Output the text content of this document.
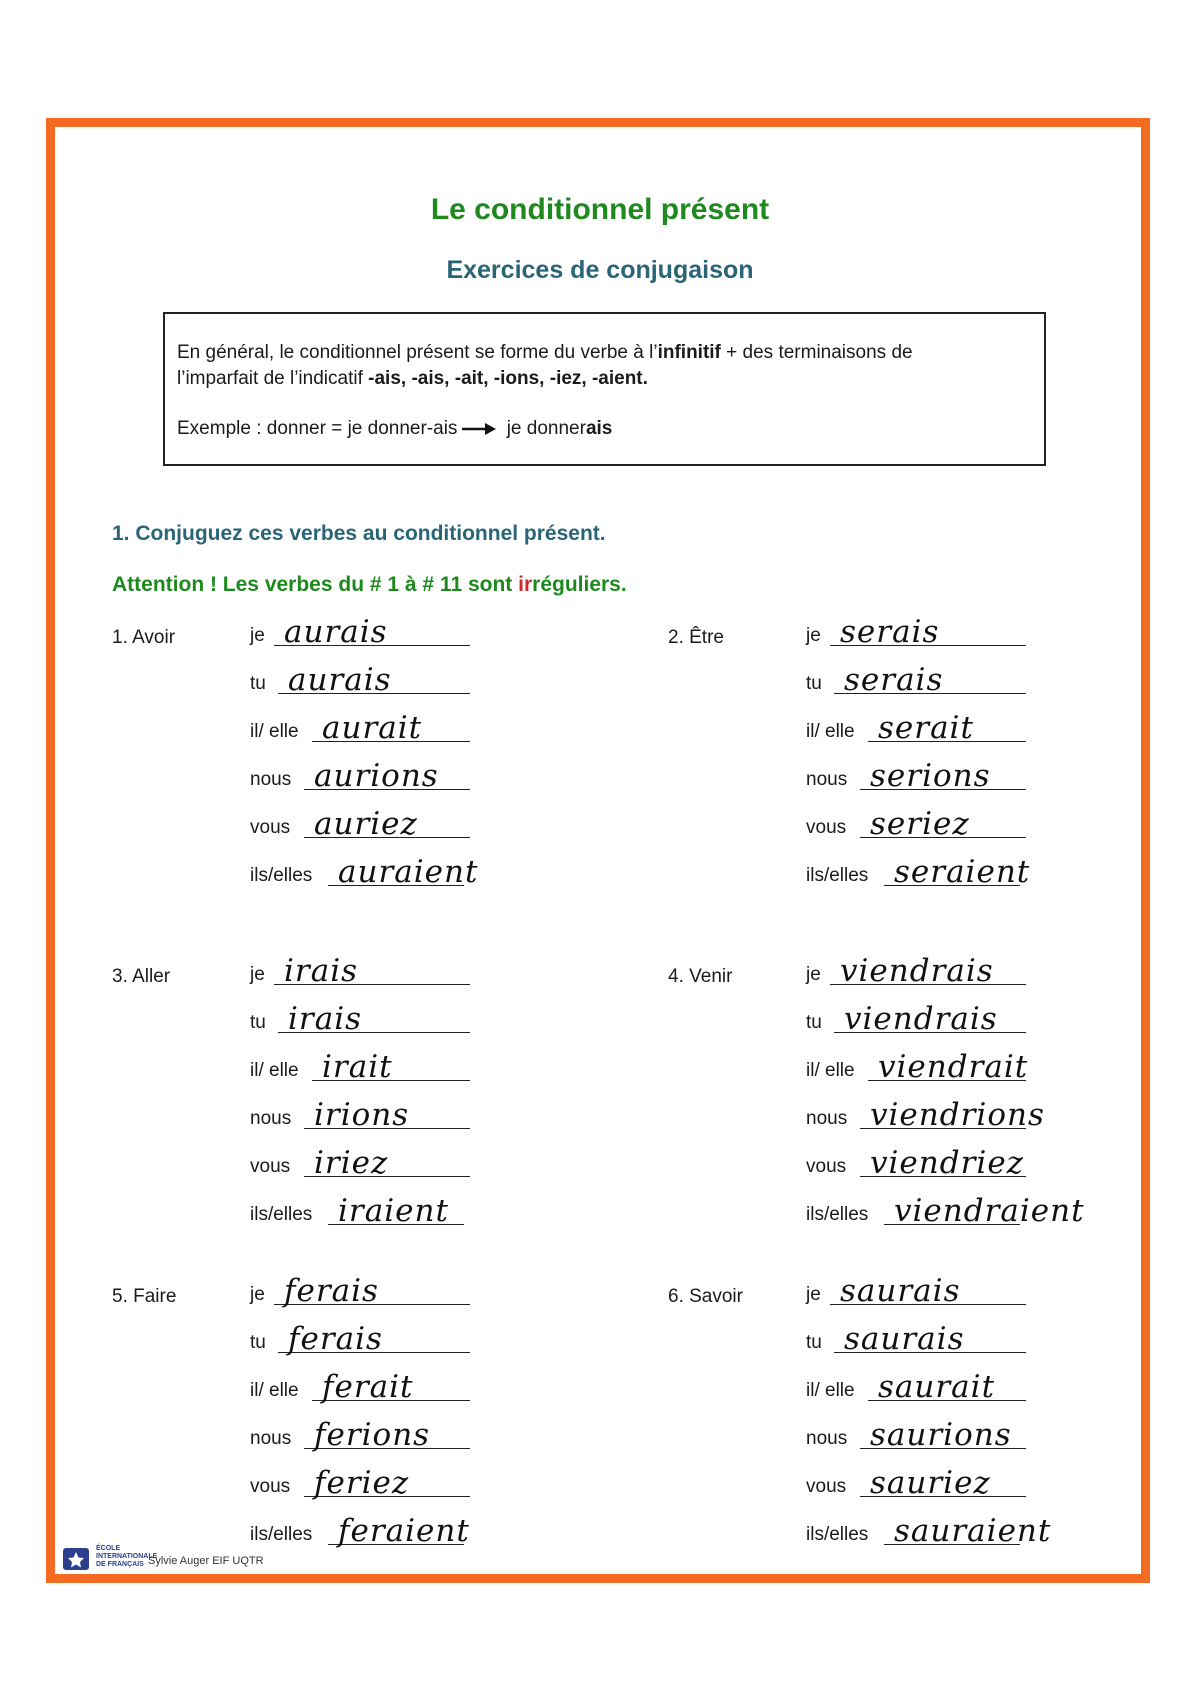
Le conditionnel présent
Exercices de conjugaison

En général, le conditionnel présent se forme du verbe à l’infinitif + des terminaisons de

l’imparfait de l’indicatif -ais, -ais, -ait, -ions, -iez, -aient.

Exemple : donner = je donner-ais je donnerais

1. Conjuguez ces verbes au conditionnel présent.

Attention ! Les verbes du # 1 à # 11 sont irréguliers.

1. Avoir	je aurais
tu aurais
il/ elle aurait
nous aurions
vous auriez
ils/elles auraient
2. Être	je serais
tu serais
il/ elle serait
nous serions
vous seriez
ils/elles seraient
3. Aller	je irais
tu irais
il/ elle irait
nous irions
vous iriez
ils/elles iraient
4. Venir	je viendrais
tu viendrais
il/ elle viendrait
nous viendrions
vous viendriez
ils/elles viendraient
5. Faire	je ferais
tu ferais
il/ elle ferait
nous ferions
vous feriez
ils/elles feraient
6. Savoir	je saurais
tu saurais
il/ elle saurait
nous saurions
vous sauriez
ils/elles sauraient
ÉCOLE
INTERNATIONALE
DE FRANÇAIS Sylvie Auger EIF UQTR
